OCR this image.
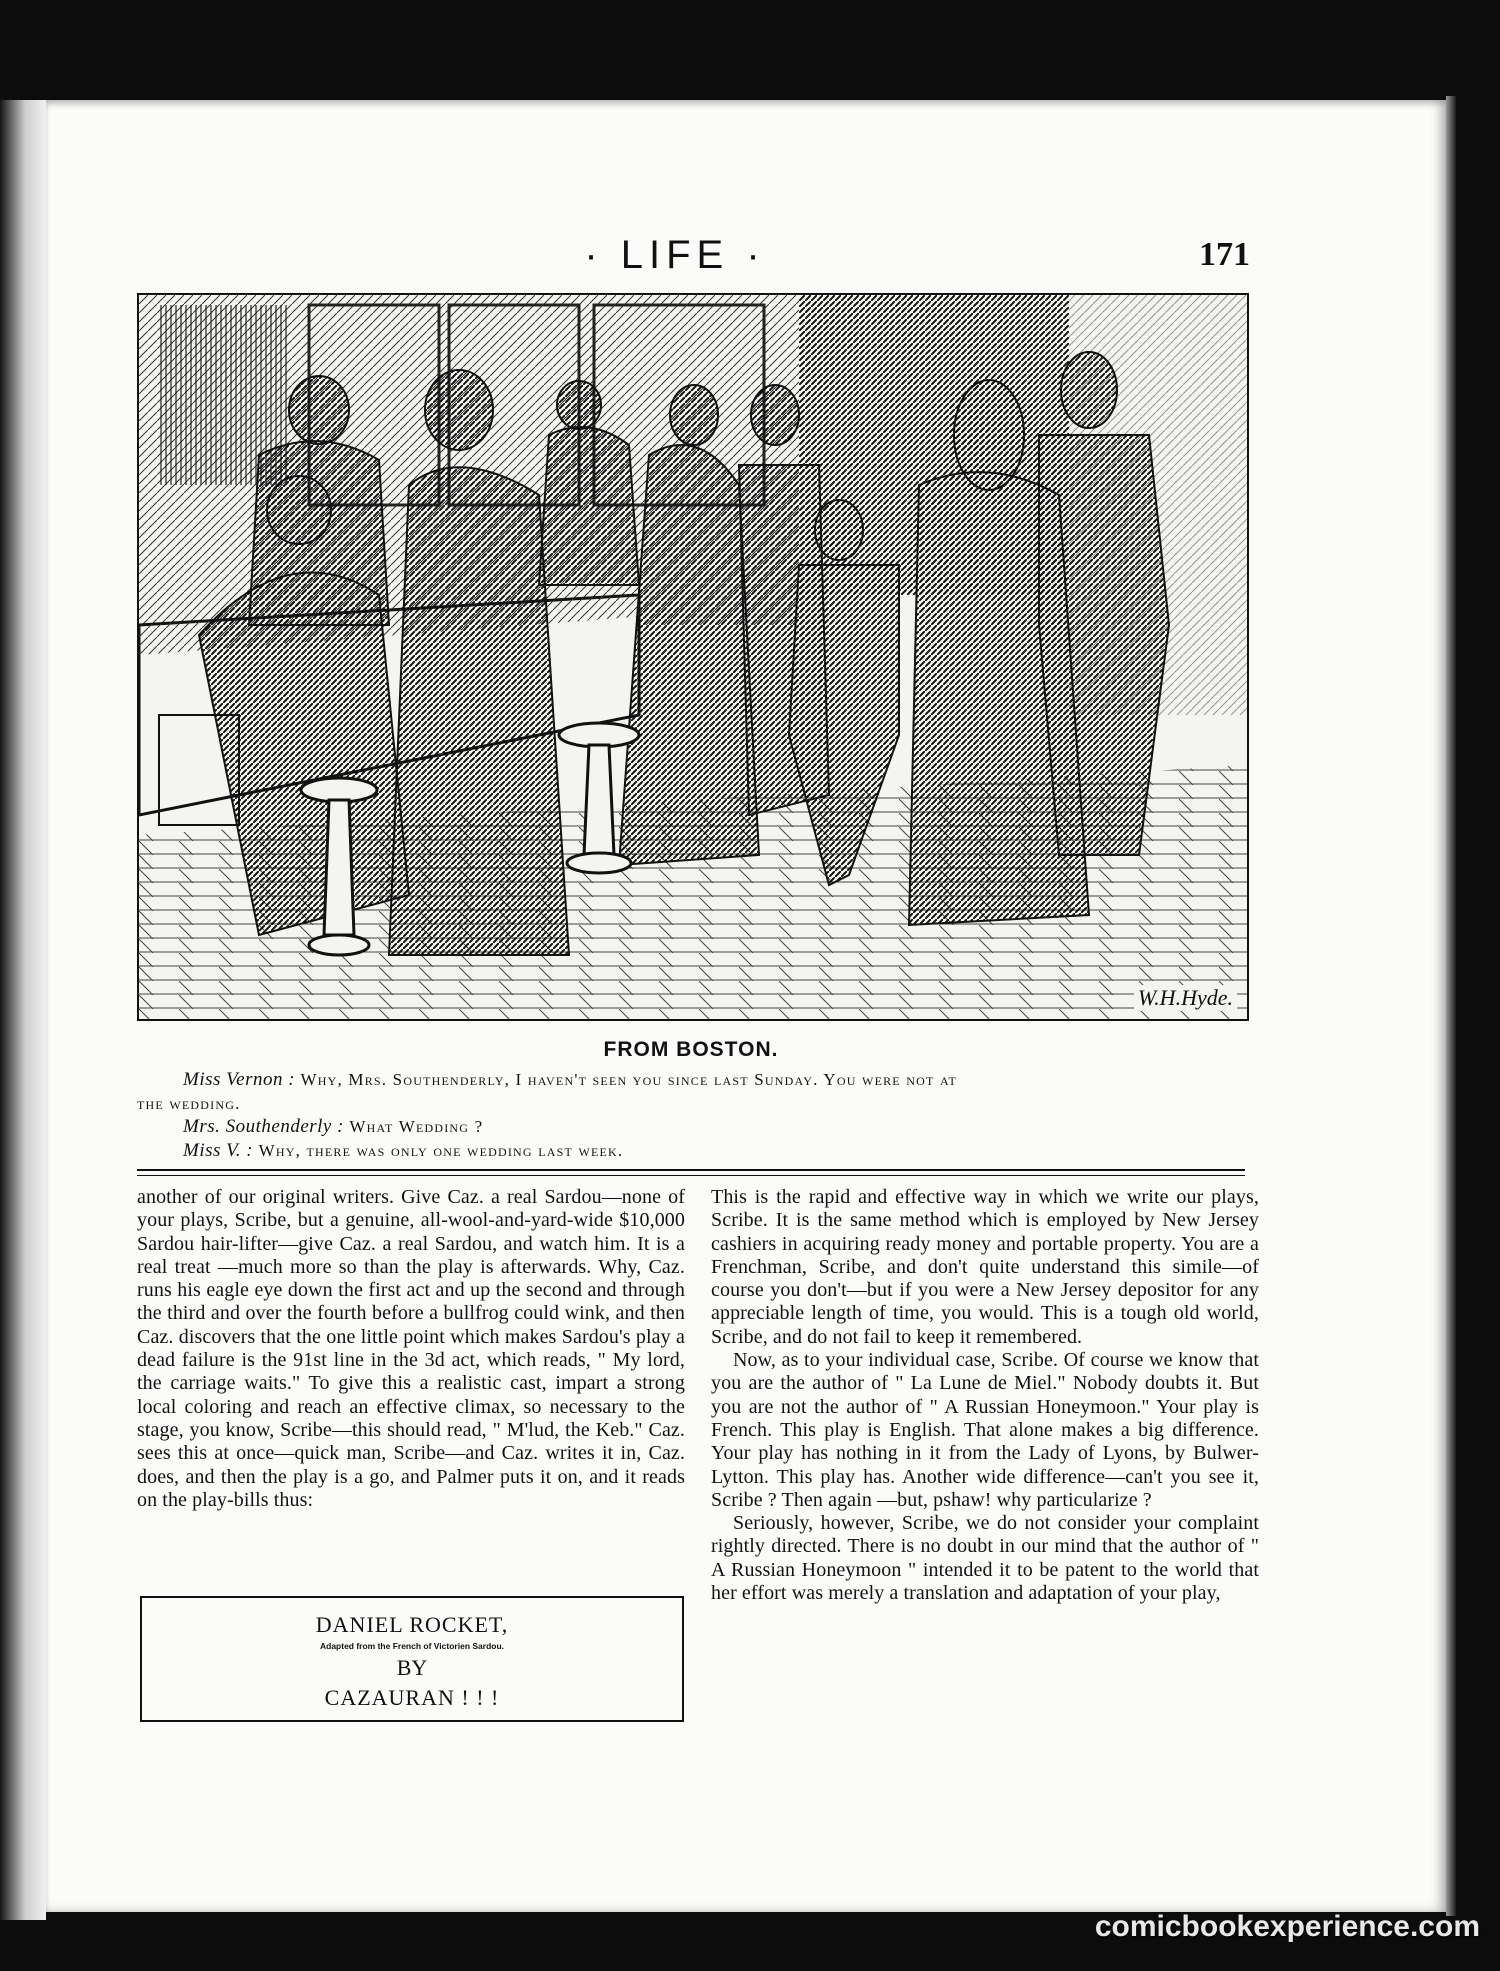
· LIFE ·	171
W.H.Hyde.
FROM BOSTON.
Miss Vernon : Why, Mrs. Southenderly, I haven't seen you since last Sunday. You were not at
the wedding.
Mrs. Southenderly : What Wedding ?
Miss V. : Why, there was only one wedding last week.

another of our original writers. Give Caz. a real Sardou—none of your plays, Scribe, but a genuine, all-wool-and-yard-wide $10,000 Sardou hair-lifter—give Caz. a real Sardou, and watch him. It is a real treat —much more so than the play is afterwards. Why, Caz. runs his eagle eye down the first act and up the second and through the third and over the fourth before a bullfrog could wink, and then Caz. discovers that the one little point which makes Sardou's play a dead failure is the 91st line in the 3d act, which reads, " My lord, the carriage waits." To give this a realistic cast, impart a strong local coloring and reach an effective climax, so necessary to the stage, you know, Scribe—this should read, " M'lud, the Keb." Caz. sees this at once—quick man, Scribe—and Caz. writes it in, Caz. does, and then the play is a go, and Palmer puts it on, and it reads on the play-bills thus:

DANIEL ROCKET,
Adapted from the French of Victorien Sardou.
BY
CAZAURAN ! ! !

This is the rapid and effective way in which we write our plays, Scribe. It is the same method which is employed by New Jersey cashiers in acquiring ready money and portable property. You are a Frenchman, Scribe, and don't quite understand this simile—of course you don't—but if you were a New Jersey depositor for any appreciable length of time, you would. This is a tough old world, Scribe, and do not fail to keep it remembered.

Now, as to your individual case, Scribe. Of course we know that you are the author of " La Lune de Miel." Nobody doubts it. But you are not the author of " A Russian Honeymoon." Your play is French. This play is English. That alone makes a big difference. Your play has nothing in it from the Lady of Lyons, by Bulwer-Lytton. This play has. Another wide difference—can't you see it, Scribe ? Then again —but, pshaw! why particularize ?

Seriously, however, Scribe, we do not consider your complaint rightly directed. There is no doubt in our mind that the author of " A Russian Honeymoon " intended it to be patent to the world that her effort was merely a translation and adaptation of your play,

comicbookexperience.com
